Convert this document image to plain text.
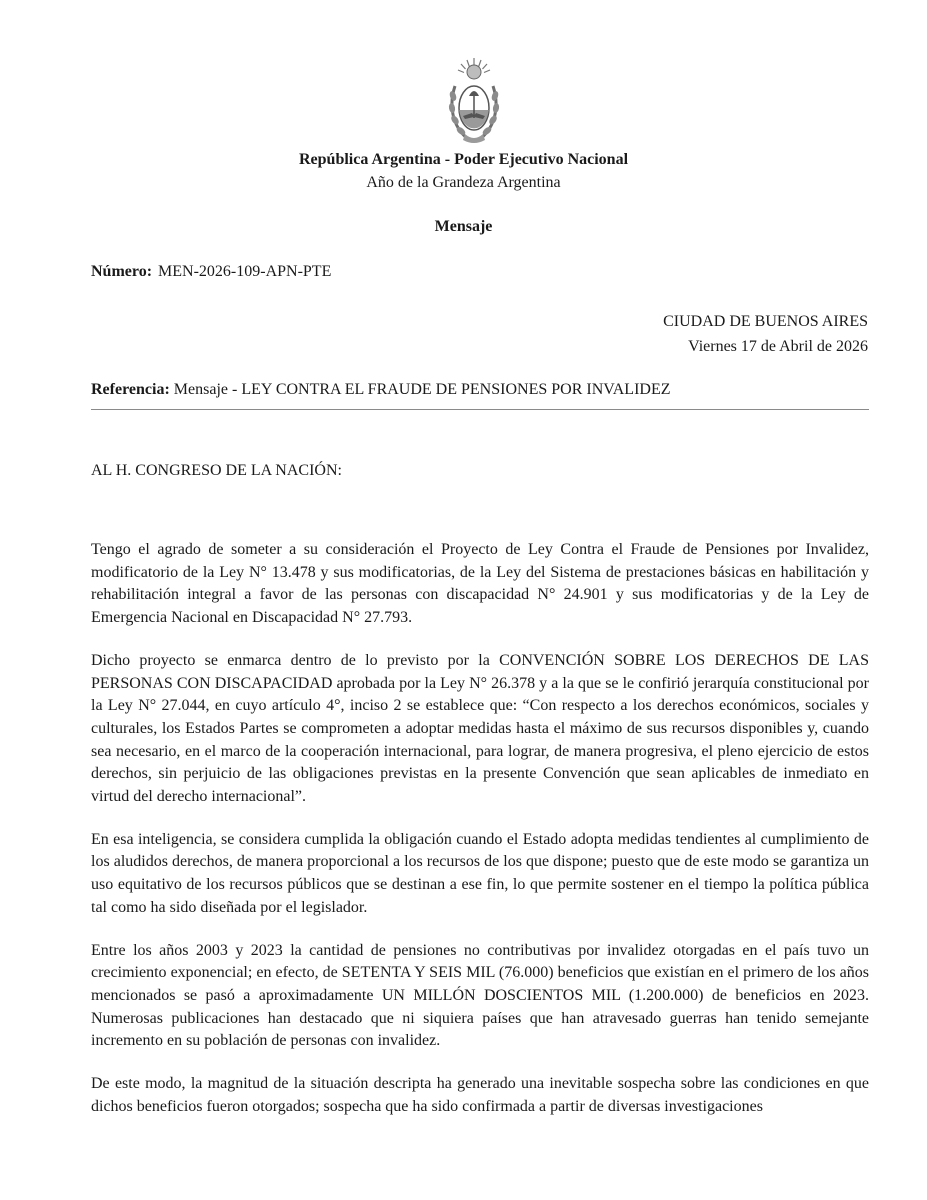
República Argentina - Poder Ejecutivo Nacional
Año de la Grandeza Argentina
Mensaje
Número: MEN-2026-109-APN-PTE
CIUDAD DE BUENOS AIRES
Viernes 17 de Abril de 2026
Referencia: Mensaje - LEY CONTRA EL FRAUDE DE PENSIONES POR INVALIDEZ
AL H. CONGRESO DE LA NACIÓN:

Tengo el agrado de someter a su consideración el Proyecto de Ley Contra el Fraude de Pensiones por Invalidez, modificatorio de la Ley N° 13.478 y sus modificatorias, de la Ley del Sistema de prestaciones básicas en habilitación y rehabilitación integral a favor de las personas con discapacidad N° 24.901 y sus modificatorias y de la Ley de Emergencia Nacional en Discapacidad N° 27.793.

Dicho proyecto se enmarca dentro de lo previsto por la CONVENCIÓN SOBRE LOS DERECHOS DE LAS PERSONAS CON DISCAPACIDAD aprobada por la Ley N° 26.378 y a la que se le confirió jerarquía constitucional por la Ley N° 27.044, en cuyo artículo 4°, inciso 2 se establece que: “Con respecto a los derechos económicos, sociales y culturales, los Estados Partes se comprometen a adoptar medidas hasta el máximo de sus recursos disponibles y, cuando sea necesario, en el marco de la cooperación internacional, para lograr, de manera progresiva, el pleno ejercicio de estos derechos, sin perjuicio de las obligaciones previstas en la presente Convención que sean aplicables de inmediato en virtud del derecho internacional”.

En esa inteligencia, se considera cumplida la obligación cuando el Estado adopta medidas tendientes al cumplimiento de los aludidos derechos, de manera proporcional a los recursos de los que dispone; puesto que de este modo se garantiza un uso equitativo de los recursos públicos que se destinan a ese fin, lo que permite sostener en el tiempo la política pública tal como ha sido diseñada por el legislador.

Entre los años 2003 y 2023 la cantidad de pensiones no contributivas por invalidez otorgadas en el país tuvo un crecimiento exponencial; en efecto, de SETENTA Y SEIS MIL (76.000) beneficios que existían en el primero de los años mencionados se pasó a aproximadamente UN MILLÓN DOSCIENTOS MIL (1.200.000) de beneficios en 2023. Numerosas publicaciones han destacado que ni siquiera países que han atravesado guerras han tenido semejante incremento en su población de personas con invalidez.

De este modo, la magnitud de la situación descripta ha generado una inevitable sospecha sobre las condiciones en que dichos beneficios fueron otorgados; sospecha que ha sido confirmada a partir de diversas investigaciones
